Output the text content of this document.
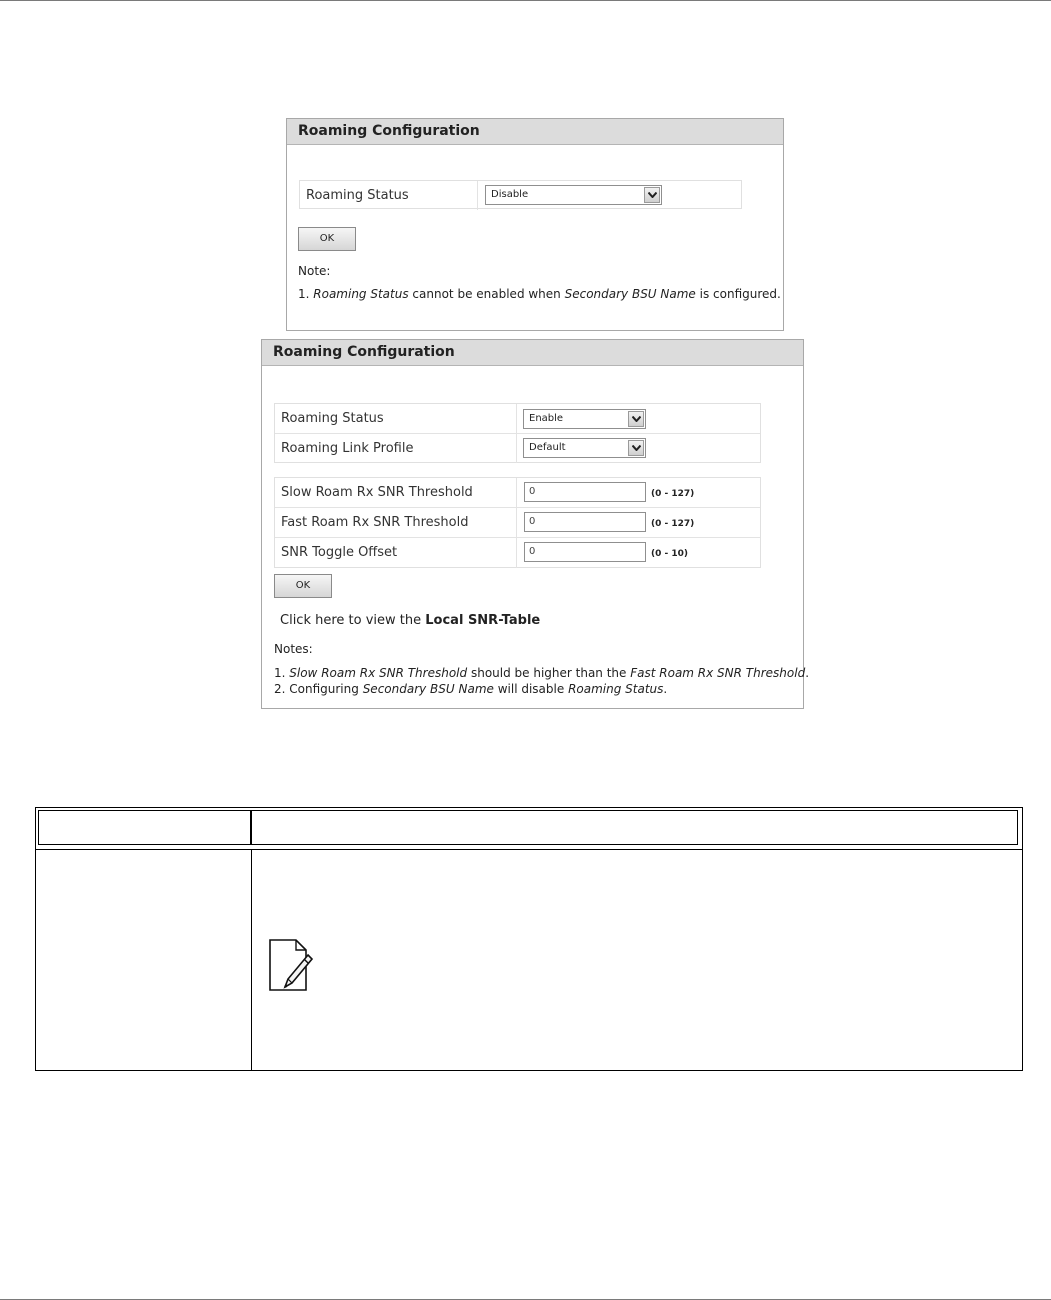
Roaming Configuration
Roaming Status	Disable
OK
Note:
1. Roaming Status cannot be enabled when Secondary BSU Name is configured.
Roaming Configuration
Roaming Status	Enable
Roaming Link Profile	Default
Slow Roam Rx SNR Threshold	0	(0 - 127)
Fast Roam Rx SNR Threshold	0	(0 - 127)
SNR Toggle Offset	0	(0 - 10)
OK
Click here to view the Local SNR-Table
Notes:
1. Slow Roam Rx SNR Threshold should be higher than the Fast Roam Rx SNR Threshold.
2. Configuring Secondary BSU Name will disable Roaming Status.
